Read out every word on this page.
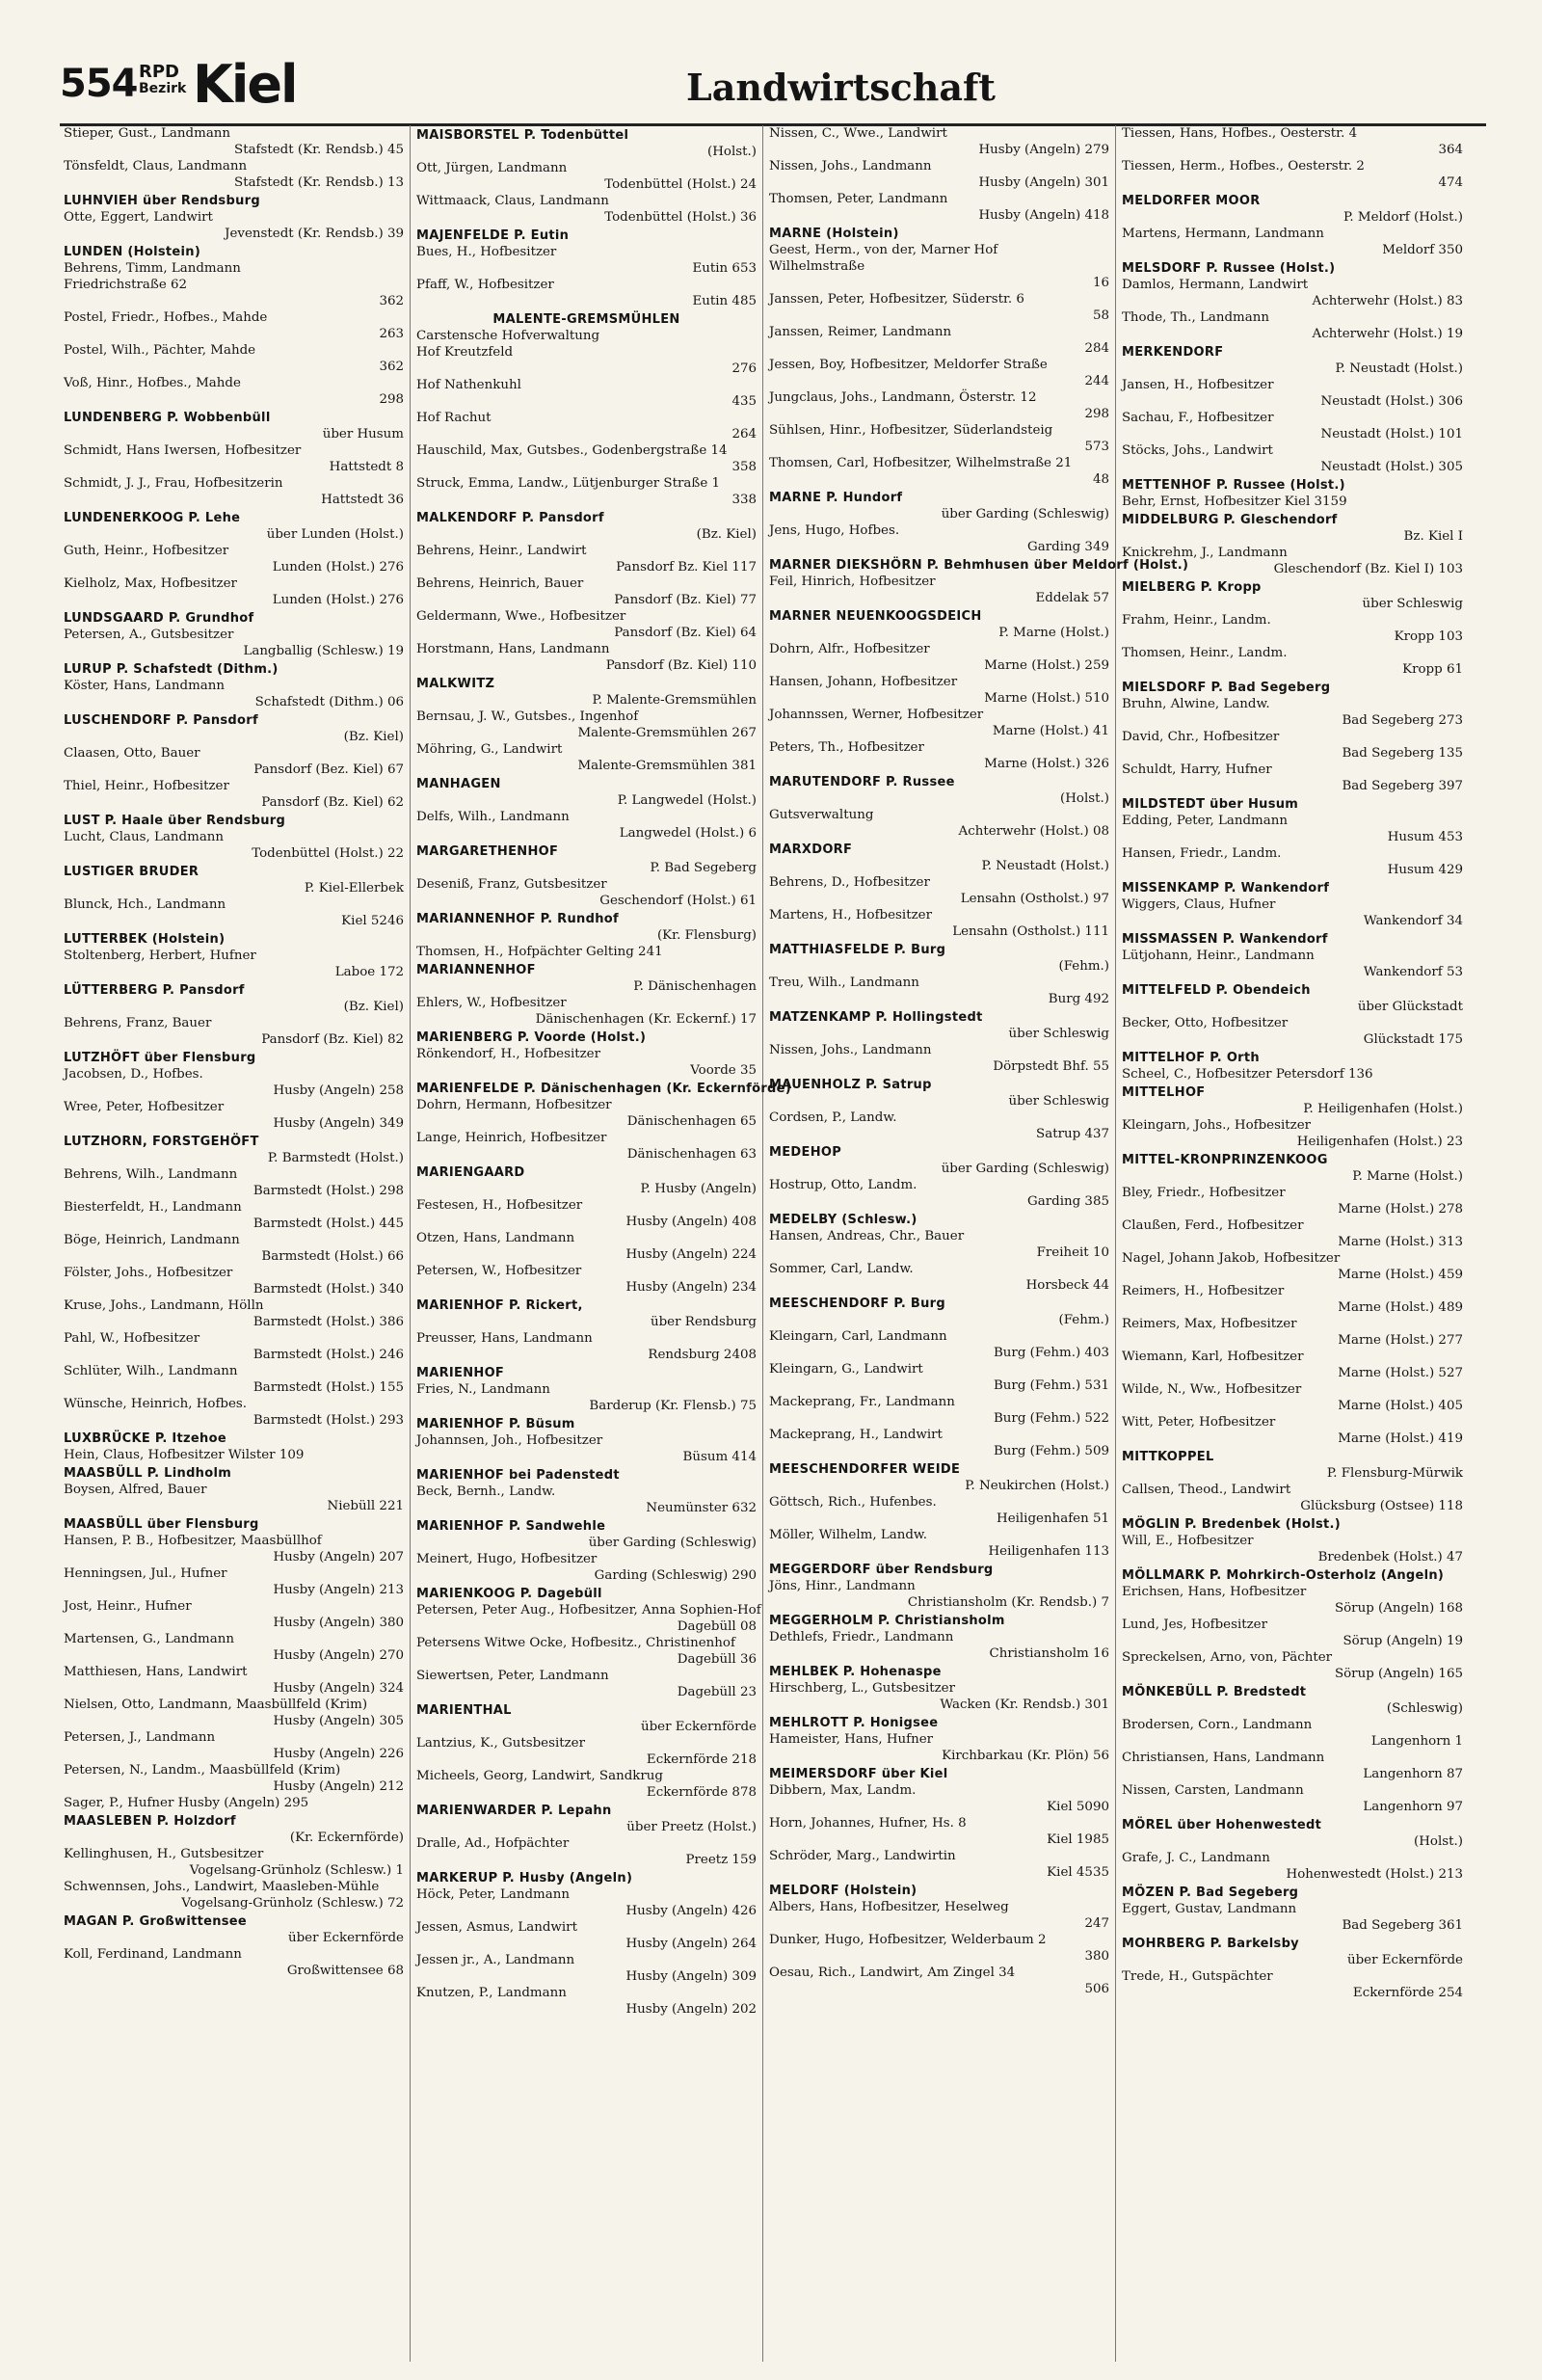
554 RPD
Bezirk Kiel	Landwirtschaft
Stieper, Gust., Landmann
Stafstedt (Kr. Rendsb.) 45
Tönsfeldt, Claus, Landmann
Stafstedt (Kr. Rendsb.) 13
LUHNVIEH über Rendsburg
Otte, Eggert, Landwirt
Jevenstedt (Kr. Rendsb.) 39
LUNDEN (Holstein)
Behrens, Timm, Landmann
Friedrichstraße 62
362
Postel, Friedr., Hofbes., Mahde
263
Postel, Wilh., Pächter, Mahde
362
Voß, Hinr., Hofbes., Mahde
298
LUNDENBERG P. Wobbenbüll
über Husum
Schmidt, Hans Iwersen, Hofbesitzer
Hattstedt 8
Schmidt, J. J., Frau, Hofbesitzerin
Hattstedt 36
LUNDENERKOOG P. Lehe
über Lunden (Holst.)
Guth, Heinr., Hofbesitzer
Lunden (Holst.) 276
Kielholz, Max, Hofbesitzer
Lunden (Holst.) 276
LUNDSGAARD P. Grundhof
Petersen, A., Gutsbesitzer
Langballig (Schlesw.) 19
LURUP P. Schafstedt (Dithm.)
Köster, Hans, Landmann
Schafstedt (Dithm.) 06
LUSCHENDORF P. Pansdorf
(Bz. Kiel)
Claasen, Otto, Bauer
Pansdorf (Bez. Kiel) 67
Thiel, Heinr., Hofbesitzer
Pansdorf (Bz. Kiel) 62
LUST P. Haale über Rendsburg
Lucht, Claus, Landmann
Todenbüttel (Holst.) 22
LUSTIGER BRUDER
P. Kiel-Ellerbek
Blunck, Hch., Landmann
Kiel 5246
LUTTERBEK (Holstein)
Stoltenberg, Herbert, Hufner
Laboe 172
LÜTTERBERG P. Pansdorf
(Bz. Kiel)
Behrens, Franz, Bauer
Pansdorf (Bz. Kiel) 82
LUTZHÖFT über Flensburg
Jacobsen, D., Hofbes.
Husby (Angeln) 258
Wree, Peter, Hofbesitzer
Husby (Angeln) 349
LUTZHORN, FORSTGEHÖFT
P. Barmstedt (Holst.)
Behrens, Wilh., Landmann
Barmstedt (Holst.) 298
Biesterfeldt, H., Landmann
Barmstedt (Holst.) 445
Böge, Heinrich, Landmann
Barmstedt (Holst.) 66
Fölster, Johs., Hofbesitzer
Barmstedt (Holst.) 340
Kruse, Johs., Landmann, Hölln
Barmstedt (Holst.) 386
Pahl, W., Hofbesitzer
Barmstedt (Holst.) 246
Schlüter, Wilh., Landmann
Barmstedt (Holst.) 155
Wünsche, Heinrich, Hofbes.
Barmstedt (Holst.) 293
LUXBRÜCKE P. Itzehoe
Hein, Claus, Hofbesitzer Wilster 109
MAASBÜLL P. Lindholm
Boysen, Alfred, Bauer
Niebüll 221
MAASBÜLL über Flensburg
Hansen, P. B., Hofbesitzer, Maasbüllhof
Husby (Angeln) 207
Henningsen, Jul., Hufner
Husby (Angeln) 213
Jost, Heinr., Hufner
Husby (Angeln) 380
Martensen, G., Landmann
Husby (Angeln) 270
Matthiesen, Hans, Landwirt
Husby (Angeln) 324
Nielsen, Otto, Landmann, Maasbüllfeld (Krim)
Husby (Angeln) 305
Petersen, J., Landmann
Husby (Angeln) 226
Petersen, N., Landm., Maasbüllfeld (Krim)
Husby (Angeln) 212
Sager, P., Hufner Husby (Angeln) 295
MAASLEBEN P. Holzdorf
(Kr. Eckernförde)
Kellinghusen, H., Gutsbesitzer
Vogelsang-Grünholz (Schlesw.) 1
Schwennsen, Johs., Landwirt, Maasleben-Mühle
Vogelsang-Grünholz (Schlesw.) 72
MAGAN P. Großwittensee
über Eckernförde
Koll, Ferdinand, Landmann
Großwittensee 68
MAISBORSTEL P. Todenbüttel
(Holst.)
Ott, Jürgen, Landmann
Todenbüttel (Holst.) 24
Wittmaack, Claus, Landmann
Todenbüttel (Holst.) 36
MAJENFELDE P. Eutin
Bues, H., Hofbesitzer
Eutin 653
Pfaff, W., Hofbesitzer
Eutin 485
MALENTE-GREMSMÜHLEN
Carstensche Hofverwaltung
Hof Kreutzfeld
276
Hof Nathenkuhl
435
Hof Rachut
264
Hauschild, Max, Gutsbes., Godenbergstraße 14
358
Struck, Emma, Landw., Lütjenburger Straße 1
338
MALKENDORF P. Pansdorf
(Bz. Kiel)
Behrens, Heinr., Landwirt
Pansdorf Bz. Kiel 117
Behrens, Heinrich, Bauer
Pansdorf (Bz. Kiel) 77
Geldermann, Wwe., Hofbesitzer
Pansdorf (Bz. Kiel) 64
Horstmann, Hans, Landmann
Pansdorf (Bz. Kiel) 110
MALKWITZ
P. Malente-Gremsmühlen
Bernsau, J. W., Gutsbes., Ingenhof
Malente-Gremsmühlen 267
Möhring, G., Landwirt
Malente-Gremsmühlen 381
MANHAGEN
P. Langwedel (Holst.)
Delfs, Wilh., Landmann
Langwedel (Holst.) 6
MARGARETHENHOF
P. Bad Segeberg
Deseniß, Franz, Gutsbesitzer
Geschendorf (Holst.) 61
MARIANNENHOF P. Rundhof
(Kr. Flensburg)
Thomsen, H., Hofpächter Gelting 241
MARIANNENHOF
P. Dänischenhagen
Ehlers, W., Hofbesitzer
Dänischenhagen (Kr. Eckernf.) 17
MARIENBERG P. Voorde (Holst.)
Rönkendorf, H., Hofbesitzer
Voorde 35
MARIENFELDE P. Dänischenhagen (Kr. Eckernförde)
Dohrn, Hermann, Hofbesitzer
Dänischenhagen 65
Lange, Heinrich, Hofbesitzer
Dänischenhagen 63
MARIENGAARD
P. Husby (Angeln)
Festesen, H., Hofbesitzer
Husby (Angeln) 408
Otzen, Hans, Landmann
Husby (Angeln) 224
Petersen, W., Hofbesitzer
Husby (Angeln) 234
MARIENHOF P. Rickert,
über Rendsburg
Preusser, Hans, Landmann
Rendsburg 2408
MARIENHOF
Fries, N., Landmann
Barderup (Kr. Flensb.) 75
MARIENHOF P. Büsum
Johannsen, Joh., Hofbesitzer
Büsum 414
MARIENHOF bei Padenstedt
Beck, Bernh., Landw.
Neumünster 632
MARIENHOF P. Sandwehle
über Garding (Schleswig)
Meinert, Hugo, Hofbesitzer
Garding (Schleswig) 290
MARIENKOOG P. Dagebüll
Petersen, Peter Aug., Hofbesitzer, Anna Sophien-Hof
Dagebüll 08
Petersens Witwe Ocke, Hofbesitz., Christinenhof
Dagebüll 36
Siewertsen, Peter, Landmann
Dagebüll 23
MARIENTHAL
über Eckernförde
Lantzius, K., Gutsbesitzer
Eckernförde 218
Micheels, Georg, Landwirt, Sandkrug
Eckernförde 878
MARIENWARDER P. Lepahn
über Preetz (Holst.)
Dralle, Ad., Hofpächter
Preetz 159
MARKERUP P. Husby (Angeln)
Höck, Peter, Landmann
Husby (Angeln) 426
Jessen, Asmus, Landwirt
Husby (Angeln) 264
Jessen jr., A., Landmann
Husby (Angeln) 309
Knutzen, P., Landmann
Husby (Angeln) 202
Nissen, C., Wwe., Landwirt
Husby (Angeln) 279
Nissen, Johs., Landmann
Husby (Angeln) 301
Thomsen, Peter, Landmann
Husby (Angeln) 418
MARNE (Holstein)
Geest, Herm., von der, Marner Hof
Wilhelmstraße
16
Janssen, Peter, Hofbesitzer, Süderstr. 6
58
Janssen, Reimer, Landmann
284
Jessen, Boy, Hofbesitzer, Meldorfer Straße
244
Jungclaus, Johs., Landmann, Österstr. 12
298
Sühlsen, Hinr., Hofbesitzer, Süderlandsteig
573
Thomsen, Carl, Hofbesitzer, Wilhelmstraße 21
48
MARNE P. Hundorf
über Garding (Schleswig)
Jens, Hugo, Hofbes.
Garding 349
MARNER DIEKSHÖRN P. Behmhusen über Meldorf (Holst.)
Feil, Hinrich, Hofbesitzer
Eddelak 57
MARNER NEUENKOOGSDEICH
P. Marne (Holst.)
Dohrn, Alfr., Hofbesitzer
Marne (Holst.) 259
Hansen, Johann, Hofbesitzer
Marne (Holst.) 510
Johannssen, Werner, Hofbesitzer
Marne (Holst.) 41
Peters, Th., Hofbesitzer
Marne (Holst.) 326
MARUTENDORF P. Russee
(Holst.)
Gutsverwaltung
Achterwehr (Holst.) 08
MARXDORF
P. Neustadt (Holst.)
Behrens, D., Hofbesitzer
Lensahn (Ostholst.) 97
Martens, H., Hofbesitzer
Lensahn (Ostholst.) 111
MATTHIASFELDE P. Burg
(Fehm.)
Treu, Wilh., Landmann
Burg 492
MATZENKAMP P. Hollingstedt
über Schleswig
Nissen, Johs., Landmann
Dörpstedt Bhf. 55
MAUENHOLZ P. Satrup
über Schleswig
Cordsen, P., Landw.
Satrup 437
MEDEHOP
über Garding (Schleswig)
Hostrup, Otto, Landm.
Garding 385
MEDELBY (Schlesw.)
Hansen, Andreas, Chr., Bauer
Freiheit 10
Sommer, Carl, Landw.
Horsbeck 44
MEESCHENDORF P. Burg
(Fehm.)
Kleingarn, Carl, Landmann
Burg (Fehm.) 403
Kleingarn, G., Landwirt
Burg (Fehm.) 531
Mackeprang, Fr., Landmann
Burg (Fehm.) 522
Mackeprang, H., Landwirt
Burg (Fehm.) 509
MEESCHENDORFER WEIDE
P. Neukirchen (Holst.)
Göttsch, Rich., Hufenbes.
Heiligenhafen 51
Möller, Wilhelm, Landw.
Heiligenhafen 113
MEGGERDORF über Rendsburg
Jöns, Hinr., Landmann
Christiansholm (Kr. Rendsb.) 7
MEGGERHOLM P. Christiansholm
Dethlefs, Friedr., Landmann
Christiansholm 16
MEHLBEK P. Hohenaspe
Hirschberg, L., Gutsbesitzer
Wacken (Kr. Rendsb.) 301
MEHLROTT P. Honigsee
Hameister, Hans, Hufner
Kirchbarkau (Kr. Plön) 56
MEIMERSDORF über Kiel
Dibbern, Max, Landm.
Kiel 5090
Horn, Johannes, Hufner, Hs. 8
Kiel 1985
Schröder, Marg., Landwirtin
Kiel 4535
MELDORF (Holstein)
Albers, Hans, Hofbesitzer, Heselweg
247
Dunker, Hugo, Hofbesitzer, Welderbaum 2
380
Oesau, Rich., Landwirt, Am Zingel 34
506
Tiessen, Hans, Hofbes., Oesterstr. 4
364
Tiessen, Herm., Hofbes., Oesterstr. 2
474
MELDORFER MOOR
P. Meldorf (Holst.)
Martens, Hermann, Landmann
Meldorf 350
MELSDORF P. Russee (Holst.)
Damlos, Hermann, Landwirt
Achterwehr (Holst.) 83
Thode, Th., Landmann
Achterwehr (Holst.) 19
MERKENDORF
P. Neustadt (Holst.)
Jansen, H., Hofbesitzer
Neustadt (Holst.) 306
Sachau, F., Hofbesitzer
Neustadt (Holst.) 101
Stöcks, Johs., Landwirt
Neustadt (Holst.) 305
METTENHOF P. Russee (Holst.)
Behr, Ernst, Hofbesitzer Kiel 3159
MIDDELBURG P. Gleschendorf
Bz. Kiel I
Knickrehm, J., Landmann
Gleschendorf (Bz. Kiel I) 103
MIELBERG P. Kropp
über Schleswig
Frahm, Heinr., Landm.
Kropp 103
Thomsen, Heinr., Landm.
Kropp 61
MIELSDORF P. Bad Segeberg
Bruhn, Alwine, Landw.
Bad Segeberg 273
David, Chr., Hofbesitzer
Bad Segeberg 135
Schuldt, Harry, Hufner
Bad Segeberg 397
MILDSTEDT über Husum
Edding, Peter, Landmann
Husum 453
Hansen, Friedr., Landm.
Husum 429
MISSENKAMP P. Wankendorf
Wiggers, Claus, Hufner
Wankendorf 34
MISSMASSEN P. Wankendorf
Lütjohann, Heinr., Landmann
Wankendorf 53
MITTELFELD P. Obendeich
über Glückstadt
Becker, Otto, Hofbesitzer
Glückstadt 175
MITTELHOF P. Orth
Scheel, C., Hofbesitzer Petersdorf 136
MITTELHOF
P. Heiligenhafen (Holst.)
Kleingarn, Johs., Hofbesitzer
Heiligenhafen (Holst.) 23
MITTEL-KRONPRINZENKOOG
P. Marne (Holst.)
Bley, Friedr., Hofbesitzer
Marne (Holst.) 278
Claußen, Ferd., Hofbesitzer
Marne (Holst.) 313
Nagel, Johann Jakob, Hofbesitzer
Marne (Holst.) 459
Reimers, H., Hofbesitzer
Marne (Holst.) 489
Reimers, Max, Hofbesitzer
Marne (Holst.) 277
Wiemann, Karl, Hofbesitzer
Marne (Holst.) 527
Wilde, N., Ww., Hofbesitzer
Marne (Holst.) 405
Witt, Peter, Hofbesitzer
Marne (Holst.) 419
MITTKOPPEL
P. Flensburg-Mürwik
Callsen, Theod., Landwirt
Glücksburg (Ostsee) 118
MÖGLIN P. Bredenbek (Holst.)
Will, E., Hofbesitzer
Bredenbek (Holst.) 47
MÖLLMARK P. Mohrkirch-Osterholz (Angeln)
Erichsen, Hans, Hofbesitzer
Sörup (Angeln) 168
Lund, Jes, Hofbesitzer
Sörup (Angeln) 19
Spreckelsen, Arno, von, Pächter
Sörup (Angeln) 165
MÖNKEBÜLL P. Bredstedt
(Schleswig)
Brodersen, Corn., Landmann
Langenhorn 1
Christiansen, Hans, Landmann
Langenhorn 87
Nissen, Carsten, Landmann
Langenhorn 97
MÖREL über Hohenwestedt
(Holst.)
Grafe, J. C., Landmann
Hohenwestedt (Holst.) 213
MÖZEN P. Bad Segeberg
Eggert, Gustav, Landmann
Bad Segeberg 361
MOHRBERG P. Barkelsby
über Eckernförde
Trede, H., Gutspächter
Eckernförde 254
